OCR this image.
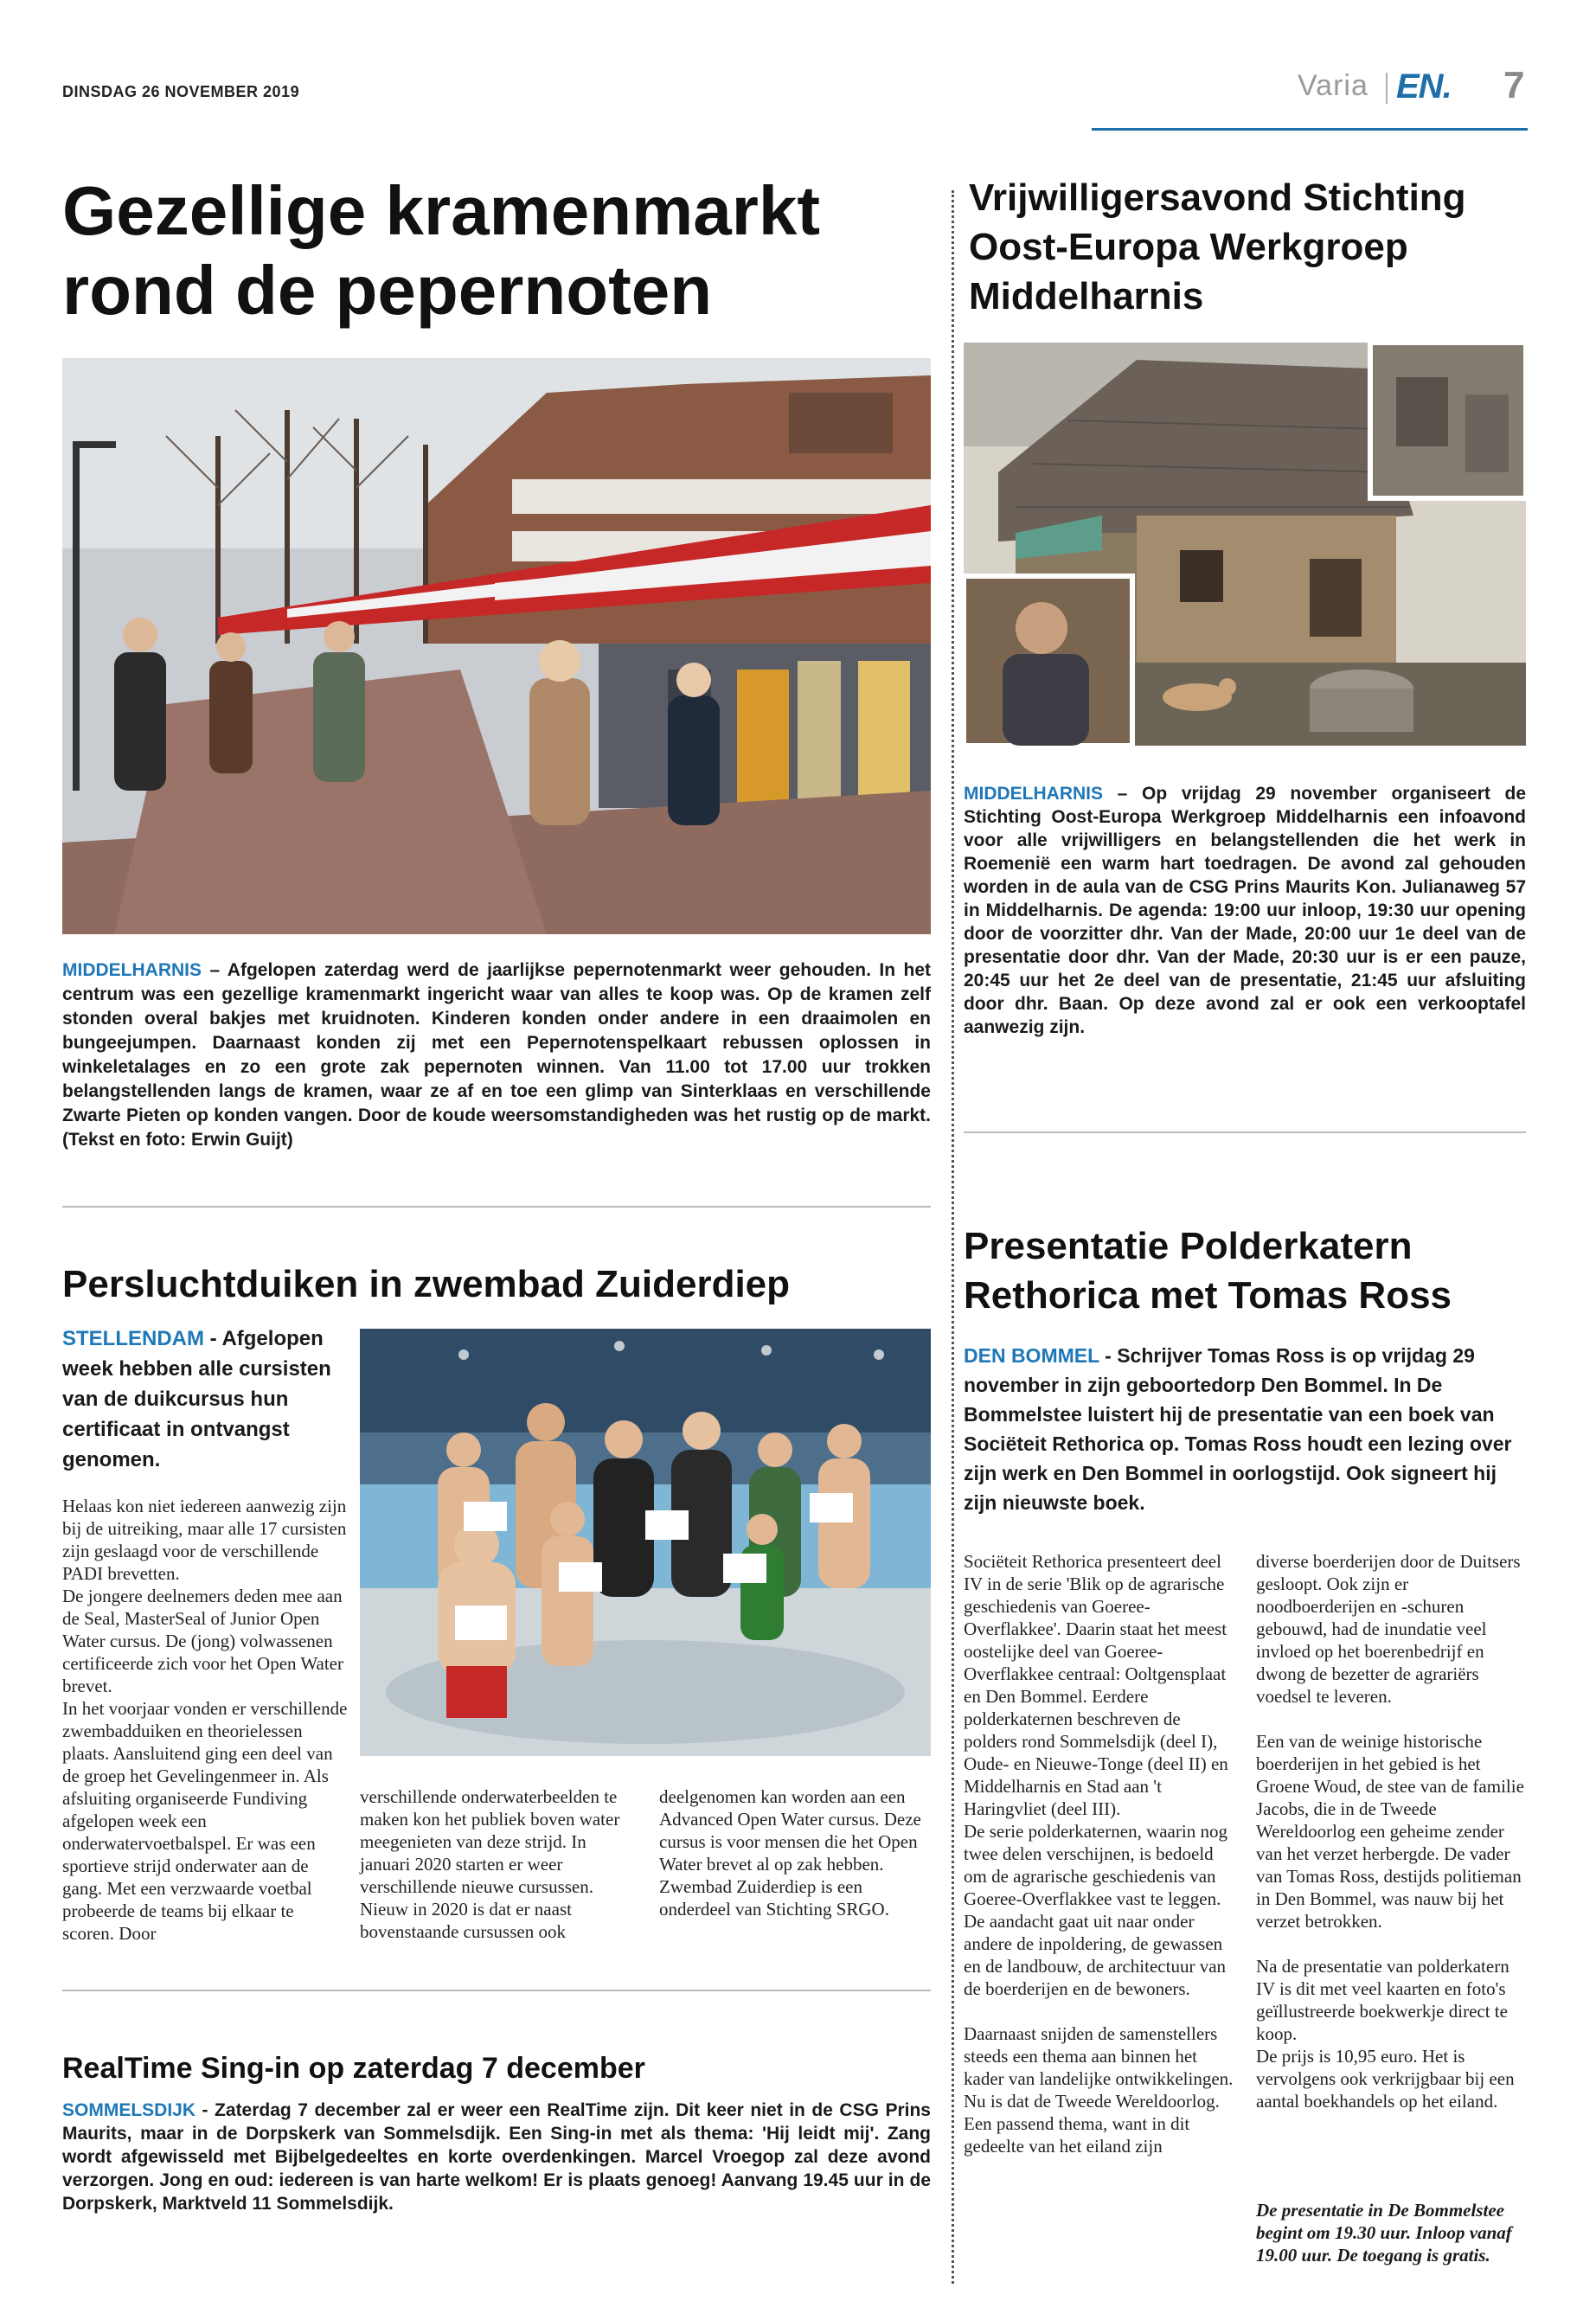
DINSDAG 26 NOVEMBER 2019	Varia EN. 7
Gezellige kramenmarkt rond de pepernoten
MIDDELHARNIS – Afgelopen zaterdag werd de jaarlijkse pepernotenmarkt weer gehouden. In het centrum was een gezellige kramenmarkt ingericht waar van alles te koop was. Op de kramen zelf stonden overal bakjes met kruidnoten. Kinderen konden onder andere in een draaimolen en bungeejumpen. Daarnaast konden zij met een Pepernotenspelkaart rebussen oplossen in winkeletalages en zo een grote zak pepernoten winnen. Van 11.00 tot 17.00 uur trokken belangstellenden langs de kramen, waar ze af en toe een glimp van Sinterklaas en verschillende Zwarte Pieten op konden vangen. Door de koude weersomstandigheden was het rustig op de markt. (Tekst en foto: Erwin Guijt)
Vrijwilligersavond Stichting Oost-Europa Werkgroep Middelharnis
MIDDELHARNIS – Op vrijdag 29 november organiseert de Stichting Oost-Europa Werkgroep Middelharnis een infoavond voor alle vrijwilligers en belangstellenden die het werk in Roemenië een warm hart toedragen. De avond zal gehouden worden in de aula van de CSG Prins Maurits Kon. Julianaweg 57 in Middelharnis. De agenda: 19:00 uur inloop, 19:30 uur opening door de voorzitter dhr. Van der Made, 20:00 uur 1e deel van de presentatie door dhr. Van der Made, 20:30 uur is er een pauze, 20:45 uur het 2e deel van de presentatie, 21:45 uur afsluiting door dhr. Baan. Op deze avond zal er ook een verkooptafel aanwezig zijn.
Persluchtduiken in zwembad Zuiderdiep
STELLENDAM - Afgelopen week hebben alle cursisten van de duikcursus hun certificaat in ontvangst genomen.
Helaas kon niet iedereen aanwezig zijn bij de uitreiking, maar alle 17 cursisten zijn geslaagd voor de verschillende PADI brevetten.
De jongere deelnemers deden mee aan de Seal, MasterSeal of Junior Open Water cursus. De (jong) volwassenen certificeerde zich voor het Open Water brevet.
In het voorjaar vonden er verschillende zwembadduiken en theorielessen plaats. Aansluitend ging een deel van de groep het Gevelingenmeer in. Als afsluiting organiseerde Fundiving afgelopen week een onderwatervoetbalspel. Er was een sportieve strijd onderwater aan de gang. Met een verzwaarde voetbal probeerde de teams bij elkaar te scoren. Door
verschillende onderwaterbeelden te maken kon het publiek boven water meegenieten van deze strijd. In januari 2020 starten er weer verschillende nieuwe cursussen. Nieuw in 2020 is dat er naast bovenstaande cursussen ook
deelgenomen kan worden aan een Advanced Open Water cursus. Deze cursus is voor mensen die het Open Water brevet al op zak hebben.
Zwembad Zuiderdiep is een onderdeel van Stichting SRGO.
RealTime Sing-in op zaterdag 7 december
SOMMELSDIJK - Zaterdag 7 december zal er weer een RealTime zijn. Dit keer niet in de CSG Prins Maurits, maar in de Dorpskerk van Sommelsdijk. Een Sing-in met als thema: 'Hij leidt mij'. Zang wordt afgewisseld met Bijbelgedeeltes en korte overdenkingen. Marcel Vroegop zal deze avond verzorgen. Jong en oud: iedereen is van harte welkom! Er is plaats genoeg! Aanvang 19.45 uur in de Dorpskerk, Marktveld 11 Sommelsdijk.
Presentatie Polderkatern Rethorica met Tomas Ross
DEN BOMMEL - Schrijver Tomas Ross is op vrijdag 29 november in zijn geboortedorp Den Bommel. In De Bommelstee luistert hij de presentatie van een boek van Sociëteit Rethorica op. Tomas Ross houdt een lezing over zijn werk en Den Bommel in oorlogstijd. Ook signeert hij zijn nieuwste boek.
Sociëteit Rethorica presenteert deel IV in de serie 'Blik op de agrarische geschiedenis van Goeree-Overflakkee'. Daarin staat het meest oostelijke deel van Goeree-Overflakkee centraal: Ooltgensplaat en Den Bommel. Eerdere polderkaternen beschreven de polders rond Sommelsdijk (deel I), Oude- en Nieuwe-Tonge (deel II) en Middelharnis en Stad aan 't Haringvliet (deel III).
De serie polderkaternen, waarin nog twee delen verschijnen, is bedoeld om de agrarische geschiedenis van Goeree-Overflakkee vast te leggen. De aandacht gaat uit naar onder andere de inpoldering, de gewassen en de landbouw, de architectuur van de boerderijen en de bewoners.

Daarnaast snijden de samenstellers steeds een thema aan binnen het kader van landelijke ontwikkelingen. Nu is dat de Tweede Wereldoorlog. Een passend thema, want in dit gedeelte van het eiland zijn
diverse boerderijen door de Duitsers gesloopt. Ook zijn er noodboerderijen en -schuren gebouwd, had de inundatie veel invloed op het boerenbedrijf en dwong de bezetter de agrariërs voedsel te leveren.

Een van de weinige historische boerderijen in het gebied is het Groene Woud, de stee van de familie Jacobs, die in de Tweede Wereldoorlog een geheime zender van het verzet herbergde. De vader van Tomas Ross, destijds politieman in Den Bommel, was nauw bij het verzet betrokken.

Na de presentatie van polderkatern IV is dit met veel kaarten en foto's geïllustreerde boekwerkje direct te koop.
De prijs is 10,95 euro. Het is vervolgens ook verkrijgbaar bij een aantal boekhandels op het eiland.
De presentatie in De Bommelstee begint om 19.30 uur. Inloop vanaf 19.00 uur. De toegang is gratis.
